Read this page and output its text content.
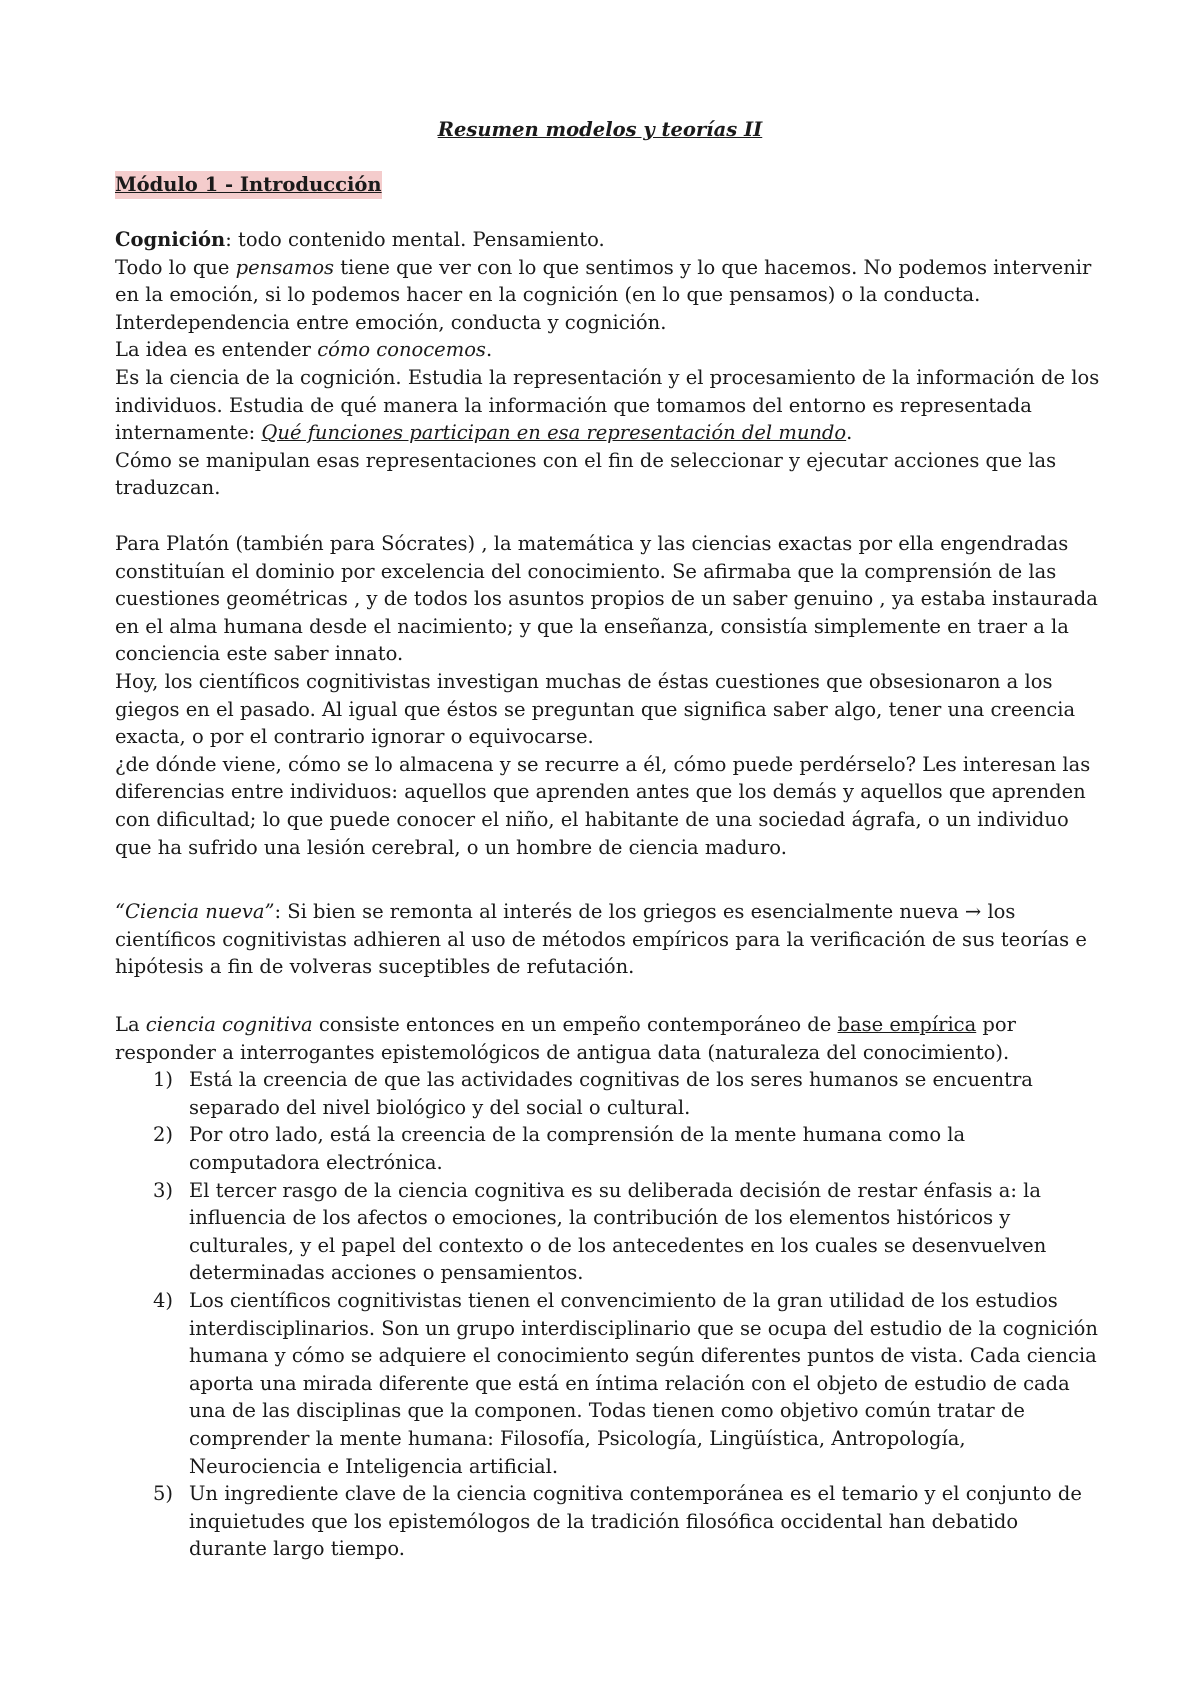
Resumen modelos y teorías II
Módulo 1 - Introducción

Cognición: todo contenido mental. Pensamiento.

Todo lo que pensamos tiene que ver con lo que sentimos y lo que hacemos. No podemos intervenir en la emoción, si lo podemos hacer en la cognición (en lo que pensamos) o la conducta.

Interdependencia entre emoción, conducta y cognición.

La idea es entender cómo conocemos.

Es la ciencia de la cognición. Estudia la representación y el procesamiento de la información de los individuos. Estudia de qué manera la información que tomamos del entorno es representada internamente: Qué funciones participan en esa representación del mundo.

Cómo se manipulan esas representaciones con el fin de seleccionar y ejecutar acciones que las traduzcan.

Para Platón (también para Sócrates) , la matemática y las ciencias exactas por ella engendradas constituían el dominio por excelencia del conocimiento. Se afirmaba que la comprensión de las cuestiones geométricas , y de todos los asuntos propios de un saber genuino , ya estaba instaurada en el alma humana desde el nacimiento; y que la enseñanza, consistía simplemente en traer a la conciencia este saber innato.

Hoy, los científicos cognitivistas investigan muchas de éstas cuestiones que obsesionaron a los giegos en el pasado. Al igual que éstos se preguntan que significa saber algo, tener una creencia exacta, o por el contrario ignorar o equivocarse.

¿de dónde viene, cómo se lo almacena y se recurre a él, cómo puede perdérselo? Les interesan las diferencias entre individuos: aquellos que aprenden antes que los demás y aquellos que aprenden con dificultad; lo que puede conocer el niño, el habitante de una sociedad ágrafa, o un individuo que ha sufrido una lesión cerebral, o un hombre de ciencia maduro.

“Ciencia nueva”: Si bien se remonta al interés de los griegos es esencialmente nueva → los científicos cognitivistas adhieren al uso de métodos empíricos para la verificación de sus teorías e hipótesis a fin de volveras suceptibles de refutación.

La ciencia cognitiva consiste entonces en un empeño contemporáneo de base empírica por responder a interrogantes epistemológicos de antigua data (naturaleza del conocimiento).

1) Está la creencia de que las actividades cognitivas de los seres humanos se encuentra separado del nivel biológico y del social o cultural.
2) Por otro lado, está la creencia de la comprensión de la mente humana como la computadora electrónica.
3) El tercer rasgo de la ciencia cognitiva es su deliberada decisión de restar énfasis a: la influencia de los afectos o emociones, la contribución de los elementos históricos y culturales, y el papel del contexto o de los antecedentes en los cuales se desenvuelven determinadas acciones o pensamientos.
4) Los científicos cognitivistas tienen el convencimiento de la gran utilidad de los estudios interdisciplinarios. Son un grupo interdisciplinario que se ocupa del estudio de la cognición humana y cómo se adquiere el conocimiento según diferentes puntos de vista. Cada ciencia aporta una mirada diferente que está en íntima relación con el objeto de estudio de cada una de las disciplinas que la componen. Todas tienen como objetivo común tratar de comprender la mente humana: Filosofía, Psicología, Lingüística, Antropología, Neurociencia e Inteligencia artificial.
5) Un ingrediente clave de la ciencia cognitiva contemporánea es el temario y el conjunto de inquietudes que los epistemólogos de la tradición filosófica occidental han debatido durante largo tiempo.
